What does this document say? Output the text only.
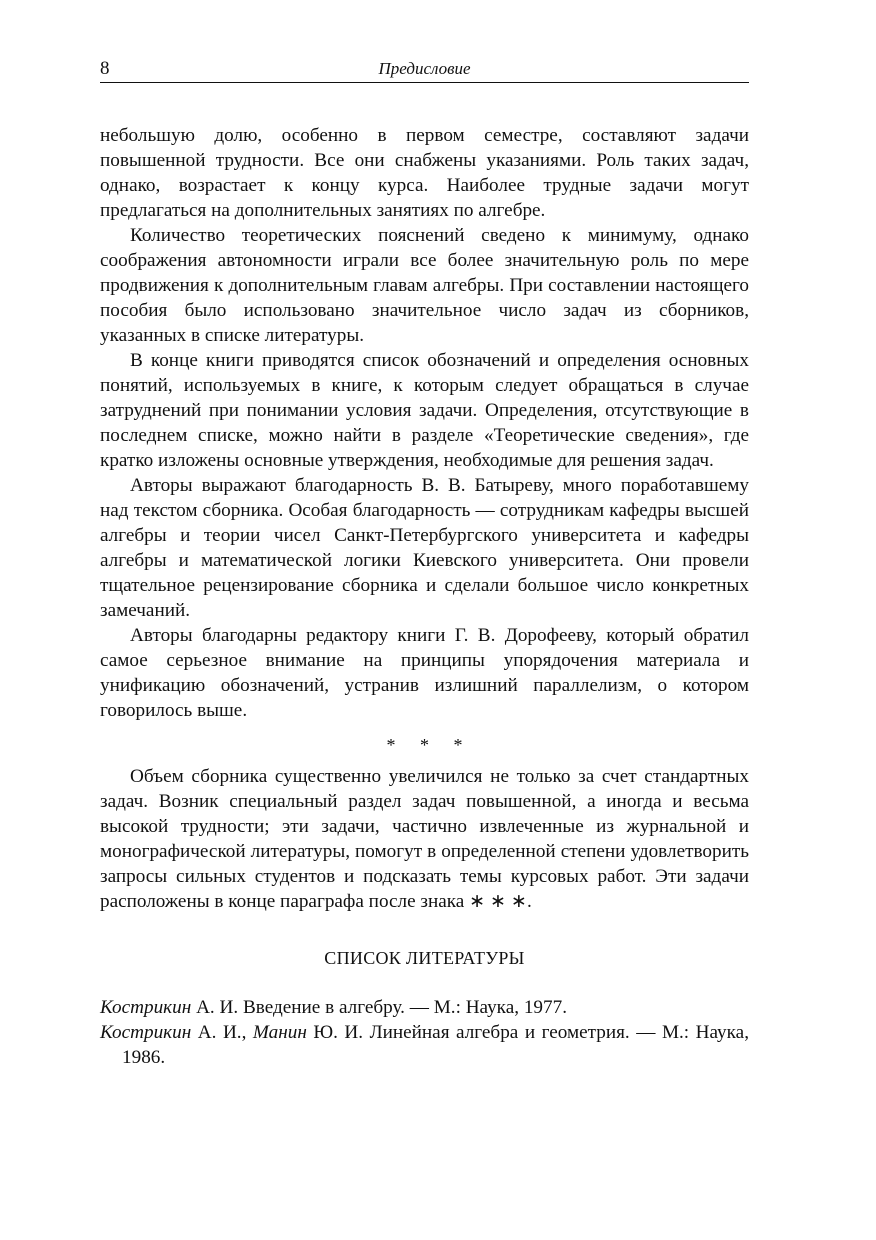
8	Предисловие

небольшую долю, особенно в первом семестре, составляют задачи повышенной трудности. Все они снабжены указаниями. Роль таких задач, однако, возрастает к концу курса. Наиболее трудные задачи могут предлагаться на дополнительных занятиях по алгебре.

Количество теоретических пояснений сведено к минимуму, однако соображения автономности играли все более значительную роль по мере продвижения к дополнительным главам алгебры. При составлении настоящего пособия было использовано значительное число задач из сборников, указанных в списке литературы.

В конце книги приводятся список обозначений и определения основных понятий, используемых в книге, к которым следует обращаться в случае затруднений при понимании условия задачи. Определения, отсутствующие в последнем списке, можно найти в разделе «Теоретические сведения», где кратко изложены основные утверждения, необходимые для решения задач.

Авторы выражают благодарность В. В. Батыреву, много поработавшему над текстом сборника. Особая благодарность — сотрудникам кафедры высшей алгебры и теории чисел Санкт-Петербургского университета и кафедры алгебры и математической логики Киевского университета. Они провели тщательное рецензирование сборника и сделали большое число конкретных замечаний.

Авторы благодарны редактору книги Г. В. Дорофееву, который обратил самое серьезное внимание на принципы упорядочения материала и унификацию обозначений, устранив излишний параллелизм, о котором говорилось выше.

* * *

Объем сборника существенно увеличился не только за счет стандартных задач. Возник специальный раздел задач повышенной, а иногда и весьма высокой трудности; эти задачи, частично извлеченные из журнальной и монографической литературы, помогут в определенной степени удовлетворить запросы сильных студентов и подсказать темы курсовых работ. Эти задачи расположены в конце параграфа после знака ∗ ∗ ∗.

СПИСОК ЛИТЕРАТУРЫ
Кострикин А. И. Введение в алгебру. — М.: Наука, 1977.
Кострикин А. И., Манин Ю. И. Линейная алгебра и геометрия. — М.: Наука, 1986.
